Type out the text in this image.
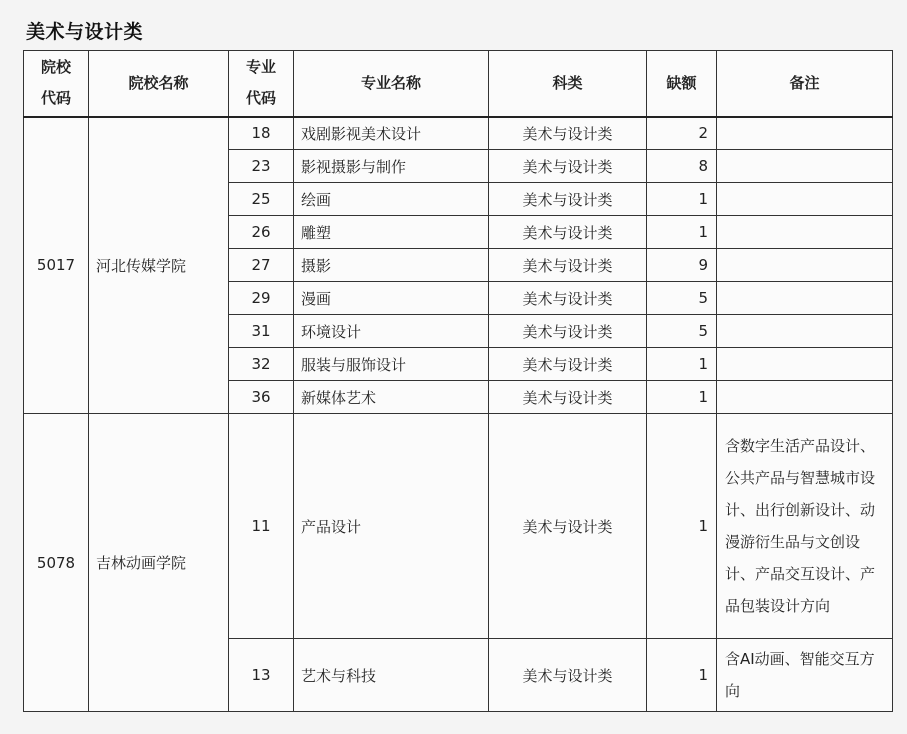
美术与设计类
院校代码	院校名称	专业代码	专业名称	科类	缺额	备注
5017	河北传媒学院	18	戏剧影视美术设计	美术与设计类	2	
		23	影视摄影与制作	美术与设计类	8	
		25	绘画	美术与设计类	1	
		26	雕塑	美术与设计类	1	
		27	摄影	美术与设计类	9	
		29	漫画	美术与设计类	5	
		31	环境设计	美术与设计类	5	
		32	服装与服饰设计	美术与设计类	1	
		36	新媒体艺术	美术与设计类	1	
5078	吉林动画学院	11	产品设计	美术与设计类	1	含数字生活产品设计、公共产品与智慧城市设计、出行创新设计、动漫游衍生品与文创设计、产品交互设计、产品包装设计方向
		13	艺术与科技	美术与设计类	1	含AI动画、智能交互方向
